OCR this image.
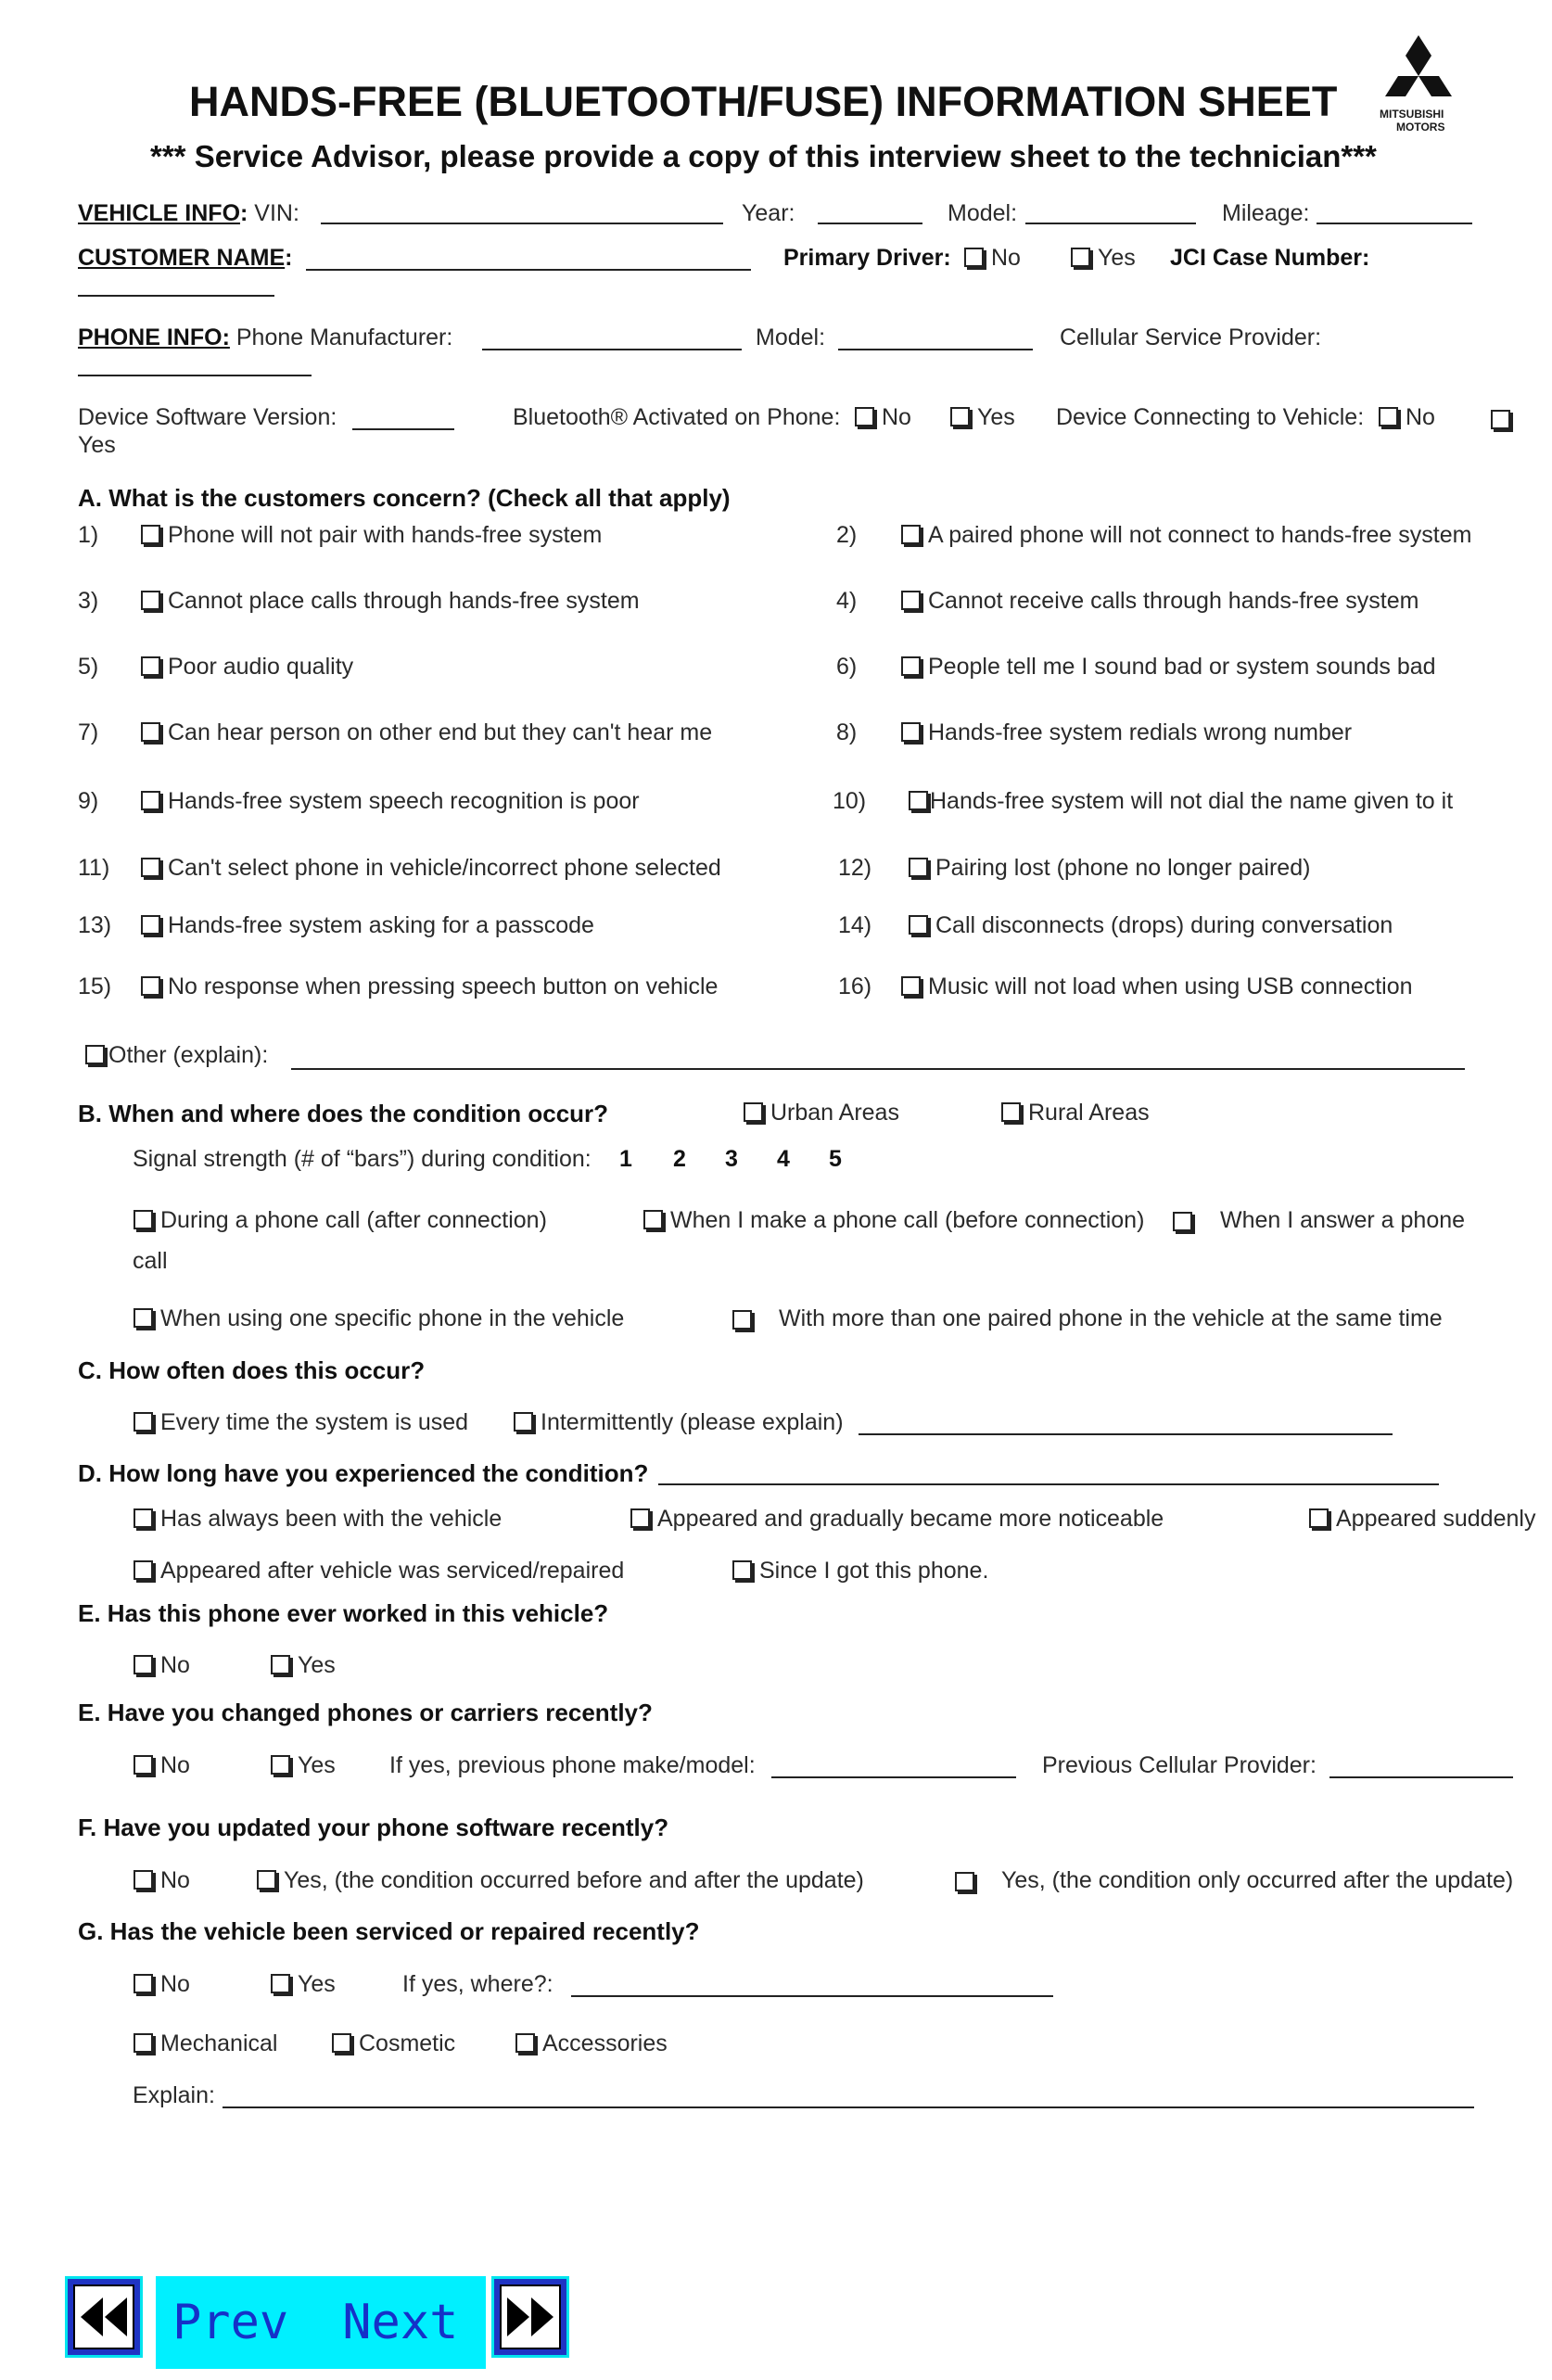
HANDS-FREE (BLUETOOTH/FUSE) INFORMATION SHEET
*** Service Advisor, please provide a copy of this interview sheet to the technician***
MITSUBISHI
MOTORS
VEHICLE INFO: VIN:	Year:	Model:	Mileage:
CUSTOMER NAME:	Primary Driver:	No	Yes JCI Case Number:
PHONE INFO: Phone Manufacturer:	Model:	Cellular Service Provider:
Device Software Version:	Bluetooth® Activated on Phone:	No	Yes Device Connecting to Vehicle:	No
Yes
A. What is the customers concern? (Check all that apply)
1)	Phone will not pair with hands-free system	2)	A paired phone will not connect to hands-free system
3)	Cannot place calls through hands-free system	4)	Cannot receive calls through hands-free system
5)	Poor audio quality	6)	People tell me I sound bad or system sounds bad
7)	Can hear person on other end but they can't hear me	8)	Hands-free system redials wrong number
9)	Hands-free system speech recognition is poor	10)	Hands-free system will not dial the name given to it
11)	Can't select phone in vehicle/incorrect phone selected	12)	Pairing lost (phone no longer paired)
13)	Hands-free system asking for a passcode	14)	Call disconnects (drops) during conversation
15)	No response when pressing speech button on vehicle	16)	Music will not load when using USB connection
Other (explain):
B. When and where does the condition occur?	Urban Areas	Rural Areas
Signal strength (# of “bars”) during condition: 1 2 3 4 5
During a phone call (after connection)	When I make a phone call (before connection)	When I answer a phone
call
When using one specific phone in the vehicle	With more than one paired phone in the vehicle at the same time
C. How often does this occur?
Every time the system is used	Intermittently (please explain)
D. How long have you experienced the condition?
Has always been with the vehicle	Appeared and gradually became more noticeable	Appeared suddenly
Appeared after vehicle was serviced/repaired	Since I got this phone.
E. Has this phone ever worked in this vehicle?
No	Yes
E. Have you changed phones or carriers recently?
No	Yes If yes, previous phone make/model:	Previous Cellular Provider:
F. Have you updated your phone software recently?
No	Yes, (the condition occurred before and after the update)	Yes, (the condition only occurred after the update)
G. Has the vehicle been serviced or repaired recently?
No	Yes	If yes, where?:
Mechanical	Cosmetic	Accessories
Explain:
Prev Next
